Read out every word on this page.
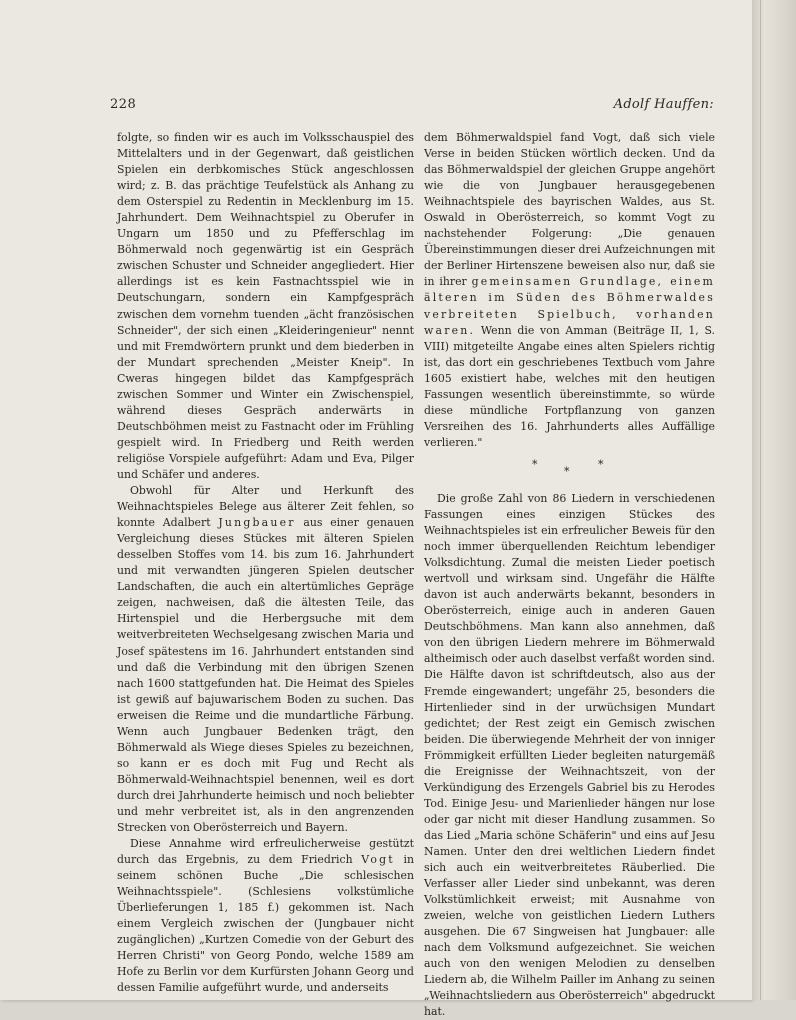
228	Adolf Hauffen:

folgte, so finden wir es auch im Volksschauspiel des Mittelalters und in der Gegenwart, daß geistlichen Spielen ein derbkomisches Stück angeschlossen wird; z. B. das prächtige Teufelstück als Anhang zu dem Osterspiel zu Redentin in Mecklenburg im 15. Jahrhundert. Dem Weihnachtspiel zu Oberufer in Ungarn um 1850 und zu Pfefferschlag im Böhmerwald noch gegenwärtig ist ein Gespräch zwischen Schuster und Schneider angegliedert. Hier allerdings ist es kein Fastnachtsspiel wie in Deutschungarn, sondern ein Kampfgespräch zwischen dem vornehm tuenden „ächt französischen Schneider", der sich einen „Kleideringenieur" nennt und mit Fremdwörtern prunkt und dem biederben in der Mundart sprechenden „Meister Kneip". In Cweras hingegen bildet das Kampfgespräch zwischen Sommer und Winter ein Zwischenspiel, während dieses Gespräch anderwärts in Deutschböhmen meist zu Fastnacht oder im Frühling gespielt wird. In Friedberg und Reith werden religiöse Vorspiele aufgeführt: Adam und Eva, Pilger und Schäfer und anderes.

Obwohl für Alter und Herkunft des Weihnachtspieles Belege aus älterer Zeit fehlen, so konnte Adalbert Jungbauer aus einer genauen Vergleichung dieses Stückes mit älteren Spielen desselben Stoffes vom 14. bis zum 16. Jahrhundert und mit verwandten jüngeren Spielen deutscher Landschaften, die auch ein altertümliches Gepräge zeigen, nachweisen, daß die ältesten Teile, das Hirtenspiel und die Herbergsuche mit dem weitverbreiteten Wechselgesang zwischen Maria und Josef spätestens im 16. Jahrhundert entstanden sind und daß die Verbindung mit den übrigen Szenen nach 1600 stattgefunden hat. Die Heimat des Spieles ist gewiß auf bajuwarischem Boden zu suchen. Das erweisen die Reime und die mundartliche Färbung. Wenn auch Jungbauer Bedenken trägt, den Böhmerwald als Wiege dieses Spieles zu bezeichnen, so kann er es doch mit Fug und Recht als Böhmerwald-Weihnachtspiel benennen, weil es dort durch drei Jahrhunderte heimisch und noch beliebter und mehr verbreitet ist, als in den angrenzenden Strecken von Oberösterreich und Bayern.

Diese Annahme wird erfreulicherweise gestützt durch das Ergebnis, zu dem Friedrich Vogt in seinem schönen Buche „Die schlesischen Weihnachtsspiele". (Schlesiens volkstümliche Überlieferungen 1, 185 f.) gekommen ist. Nach einem Vergleich zwischen der (Jungbauer nicht zugänglichen) „Kurtzen Comedie von der Geburt des Herren Christi" von Georg Pondo, welche 1589 am Hofe zu Berlin vor dem Kurfürsten Johann Georg und dessen Familie aufgeführt wurde, und anderseits

dem Böhmerwaldspiel fand Vogt, daß sich viele Verse in beiden Stücken wörtlich decken. Und da das Böhmerwaldspiel der gleichen Gruppe angehört wie die von Jungbauer herausgegebenen Weihnachtspiele des bayrischen Waldes, aus St. Oswald in Oberösterreich, so kommt Vogt zu nachstehender Folgerung: „Die genauen Übereinstimmungen dieser drei Aufzeichnungen mit der Berliner Hirtenszene beweisen also nur, daß sie in ihrer gemeinsamen Grundlage, einem älteren im Süden des Böhmerwaldes verbreiteten Spielbuch, vorhanden waren. Wenn die von Amman (Beiträge II, 1, S. VIII) mitgeteilte Angabe eines alten Spielers richtig ist, das dort ein geschriebenes Textbuch vom Jahre 1605 existiert habe, welches mit den heutigen Fassungen wesentlich übereinstimmte, so würde diese mündliche Fortpflanzung von ganzen Versreihen des 16. Jahrhunderts alles Auffällige verlieren."

*
*
*

Die große Zahl von 86 Liedern in verschiedenen Fassungen eines einzigen Stückes des Weihnachtspieles ist ein erfreulicher Beweis für den noch immer überquellenden Reichtum lebendiger Volksdichtung. Zumal die meisten Lieder poetisch wertvoll und wirksam sind. Ungefähr die Hälfte davon ist auch anderwärts bekannt, besonders in Oberösterreich, einige auch in anderen Gauen Deutschböhmens. Man kann also annehmen, daß von den übrigen Liedern mehrere im Böhmerwald altheimisch oder auch daselbst verfaßt worden sind. Die Hälfte davon ist schriftdeutsch, also aus der Fremde eingewandert; ungefähr 25, besonders die Hirtenlieder sind in der urwüchsigen Mundart gedichtet; der Rest zeigt ein Gemisch zwischen beiden. Die überwiegende Mehrheit der von inniger Frömmigkeit erfüllten Lieder begleiten naturgemäß die Ereignisse der Weihnachtszeit, von der Verkündigung des Erzengels Gabriel bis zu Herodes Tod. Einige Jesu- und Marienlieder hängen nur lose oder gar nicht mit dieser Handlung zusammen. So das Lied „Maria schöne Schäferin" und eins auf Jesu Namen. Unter den drei weltlichen Liedern findet sich auch ein weitverbreitetes Räuberlied. Die Verfasser aller Lieder sind unbekannt, was deren Volkstümlichkeit erweist; mit Ausnahme von zweien, welche von geistlichen Liedern Luthers ausgehen. Die 67 Singweisen hat Jungbauer: alle nach dem Volksmund aufgezeichnet. Sie weichen auch von den wenigen Melodien zu denselben Liedern ab, die Wilhelm Pailler im Anhang zu seinen „Weihnachtsliedern aus Oberösterreich" abgedruckt hat.
